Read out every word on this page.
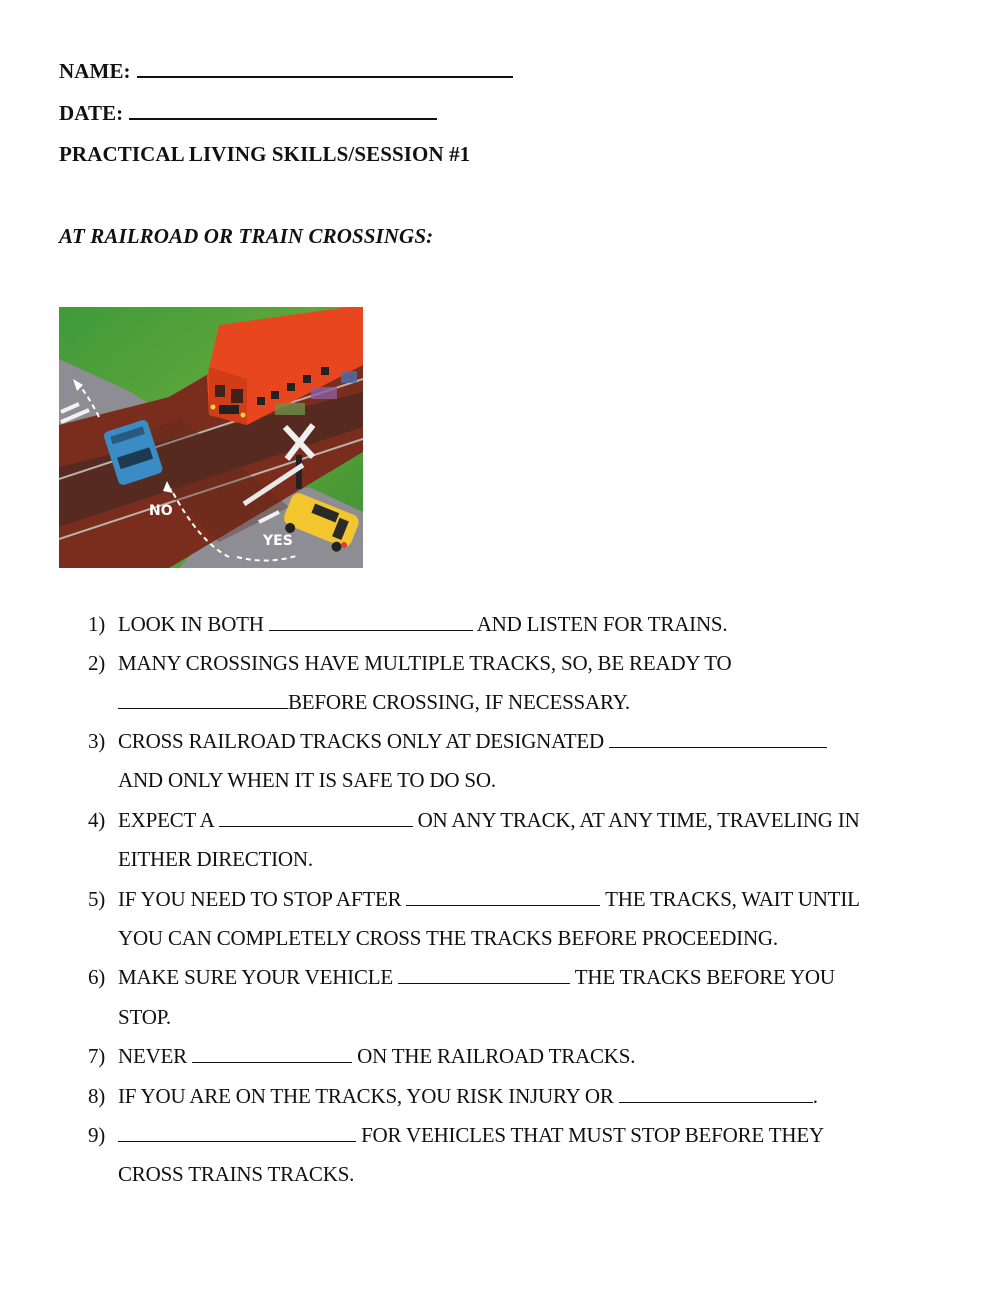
NAME:
DATE:
PRACTICAL LIVING SKILLS/SESSION #1
AT RAILROAD OR TRAIN CROSSINGS:
NO
YES
1) LOOK IN BOTH	AND LISTEN FOR TRAINS.
2) MANY CROSSINGS HAVE MULTIPLE TRACKS, SO, BE READY TO
BEFORE CROSSING, IF NECESSARY.
3) CROSS RAILROAD TRACKS ONLY AT DESIGNATED
AND ONLY WHEN IT IS SAFE TO DO SO.
4) EXPECT A	ON ANY TRACK, AT ANY TIME, TRAVELING IN
EITHER DIRECTION.
5) IF YOU NEED TO STOP AFTER	THE TRACKS, WAIT UNTIL
YOU CAN COMPLETELY CROSS THE TRACKS BEFORE PROCEEDING.
6) MAKE SURE YOUR VEHICLE	THE TRACKS BEFORE YOU
STOP.
7) NEVER	ON THE RAILROAD TRACKS.
8) IF YOU ARE ON THE TRACKS, YOU RISK INJURY OR	.
9)	FOR VEHICLES THAT MUST STOP BEFORE THEY
CROSS TRAINS TRACKS.
